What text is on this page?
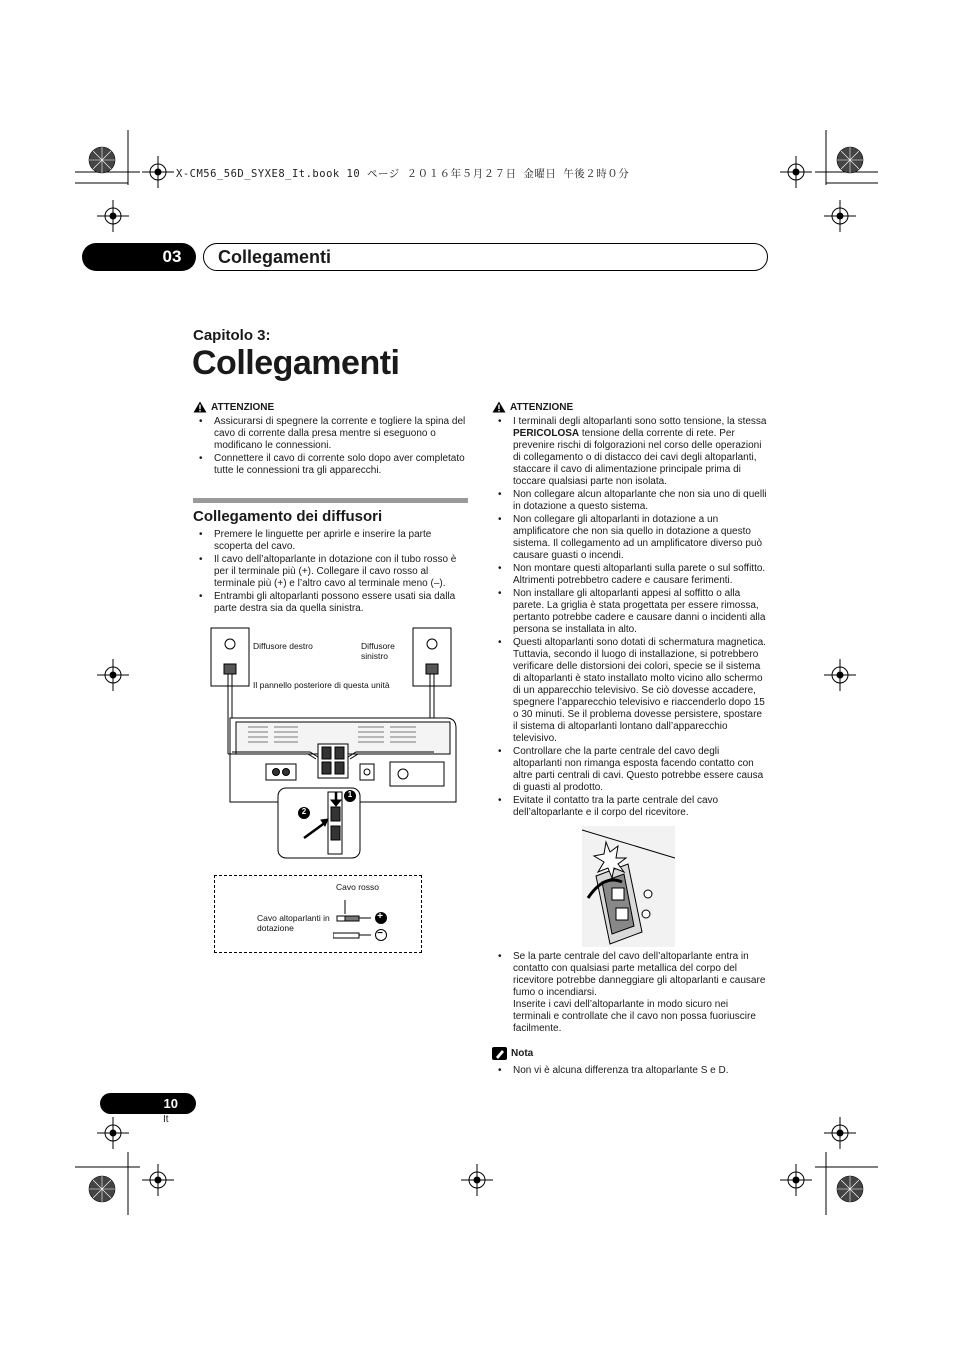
X-CM56_56D_SYXE8_It.book 10 ページ ２０１６年５月２７日 金曜日 午後２時０分
03	Collegamenti
Capitolo 3:
Collegamenti
ATTENZIONE
• Assicurarsi di spegnere la corrente e togliere la spina del cavo di corrente dalla presa mentre si eseguono o modificano le connessioni.
• Connettere il cavo di corrente solo dopo aver completato tutte le connessioni tra gli apparecchi.
Collegamento dei diffusori
• Premere le linguette per aprirle e inserire la parte scoperta del cavo.
• Il cavo dell’altoparlante in dotazione con il tubo rosso è per il terminale più (+). Collegare il cavo rosso al terminale più (+) e l’altro cavo al terminale meno (–).
• Entrambi gli altoparlanti possono essere usati sia dalla parte destra sia da quella sinistra.
1
2
Diffusore destro	Diffusore sinistro
Il pannello posteriore di questa unità
Cavo rosso
Cavo altoparlanti in dotazione
+
−
ATTENZIONE
• I terminali degli altoparlanti sono sotto tensione, la stessa PERICOLOSA tensione della corrente di rete. Per prevenire rischi di folgorazioni nel corso delle operazioni di collegamento o di distacco dei cavi degli altoparlanti, staccare il cavo di alimentazione principale prima di toccare qualsiasi parte non isolata.
• Non collegare alcun altoparlante che non sia uno di quelli in dotazione a questo sistema.
• Non collegare gli altoparlanti in dotazione a un amplificatore che non sia quello in dotazione a questo sistema. Il collegamento ad un amplificatore diverso può causare guasti o incendi.
• Non montare questi altoparlanti sulla parete o sul soffitto. Altrimenti potrebbetro cadere e causare ferimenti.
• Non installare gli altoparlanti appesi al soffitto o alla parete. La griglia è stata progettata per essere rimossa, pertanto potrebbe cadere e causare danni o incidenti alla persona se installata in alto.
• Questi altoparlanti sono dotati di schermatura magnetica. Tuttavia, secondo il luogo di installazione, si potrebbero verificare delle distorsioni dei colori, specie se il sistema di altoparlanti è stato installato molto vicino allo schermo di un apparecchio televisivo. Se ciò dovesse accadere, spegnere l’apparecchio televisivo e riaccenderlo dopo 15 o 30 minuti. Se il problema dovesse persistere, spostare il sistema di altoparlanti lontano dall’apparecchio televisivo.
• Controllare che la parte centrale del cavo degli altoparlanti non rimanga esposta facendo contatto con altre parti centrali di cavi. Questo potrebbe essere causa di guasti al prodotto.
• Evitate il contatto tra la parte centrale del cavo dell’altoparlante e il corpo del ricevitore.
• Se la parte centrale del cavo dell’altoparlante entra in contatto con qualsiasi parte metallica del corpo del ricevitore potrebbe danneggiare gli altoparlanti e causare fumo o incendiarsi.
Inserite i cavi dell’altoparlante in modo sicuro nei terminali e controllate che il cavo non possa fuoriuscire facilmente.
Nota
• Non vi è alcuna differenza tra altoparlante S e D.
10
It
